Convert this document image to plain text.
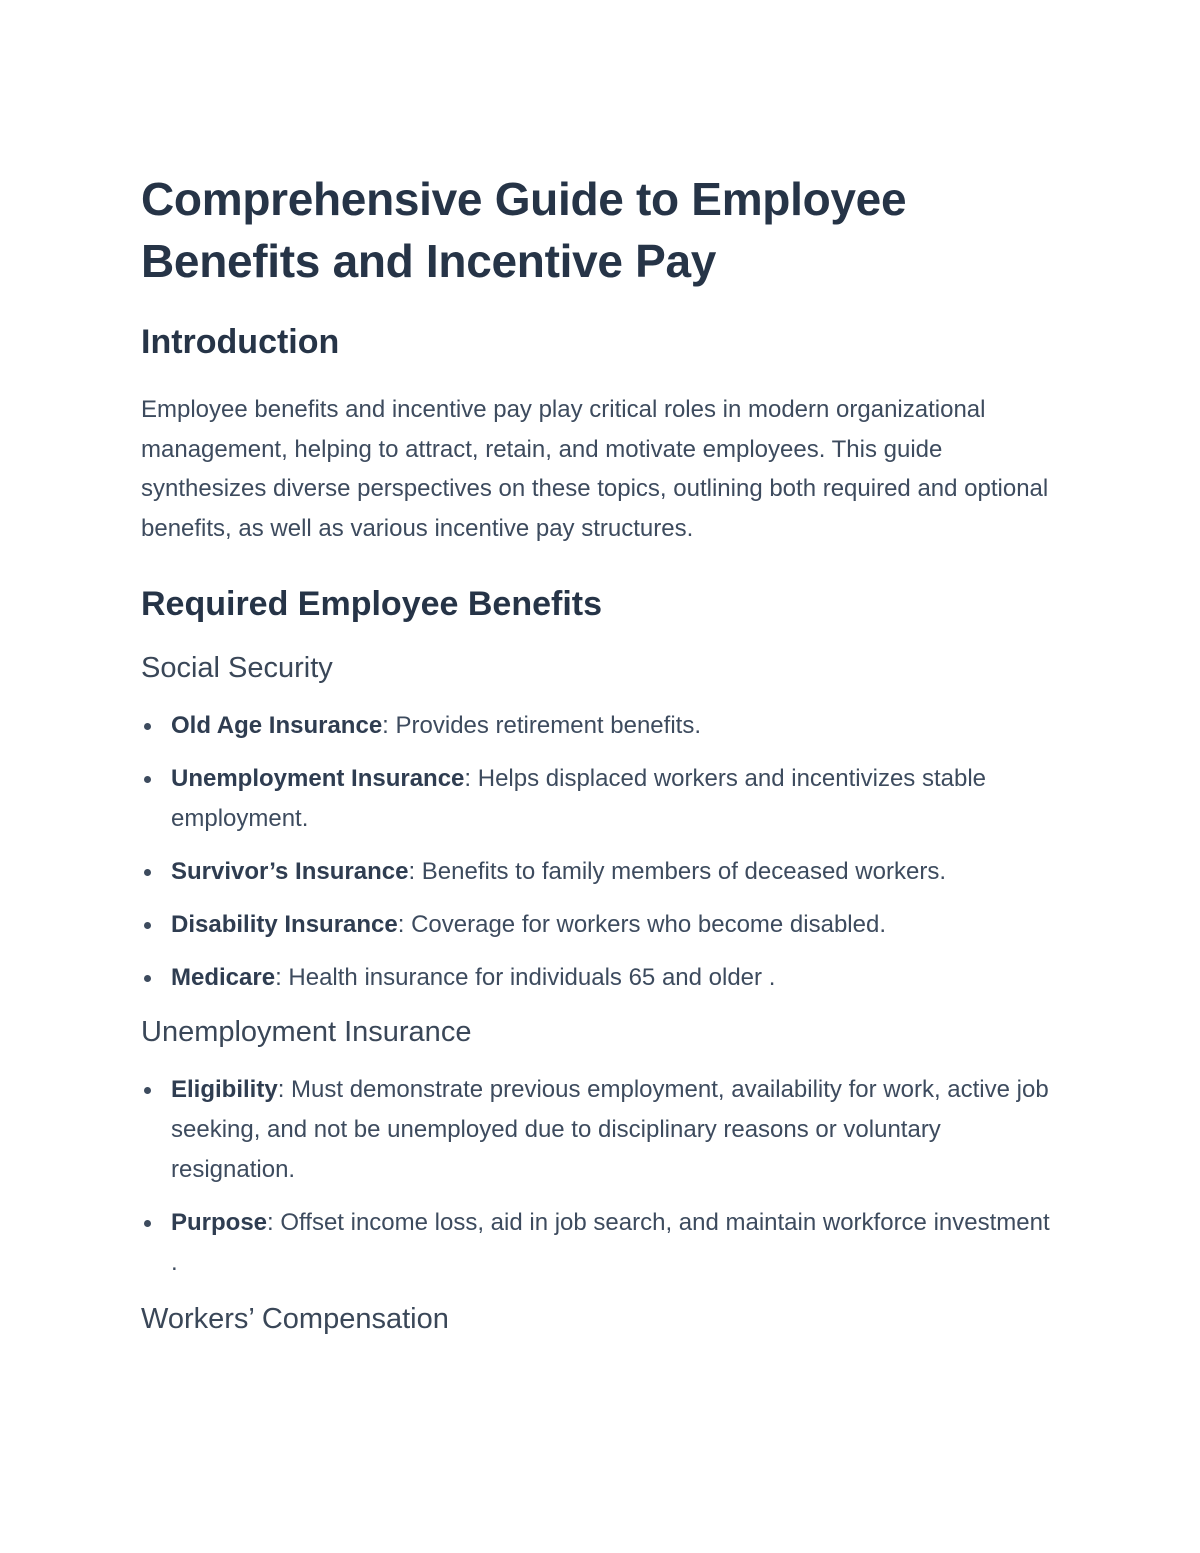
Comprehensive Guide to Employee Benefits and Incentive Pay
Introduction

Employee benefits and incentive pay play critical roles in modern organizational management, helping to attract, retain, and motivate employees. This guide synthesizes diverse perspectives on these topics, outlining both required and optional benefits, as well as various incentive pay structures.

Required Employee Benefits
Social Security
Old Age Insurance: Provides retirement benefits.
Unemployment Insurance: Helps displaced workers and incentivizes stable employment.
Survivor’s Insurance: Benefits to family members of deceased workers.
Disability Insurance: Coverage for workers who become disabled.
Medicare: Health insurance for individuals 65 and older .
Unemployment Insurance
Eligibility: Must demonstrate previous employment, availability for work, active job seeking, and not be unemployed due to disciplinary reasons or voluntary resignation.
Purpose: Offset income loss, aid in job search, and maintain workforce investment .
Workers’ Compensation
